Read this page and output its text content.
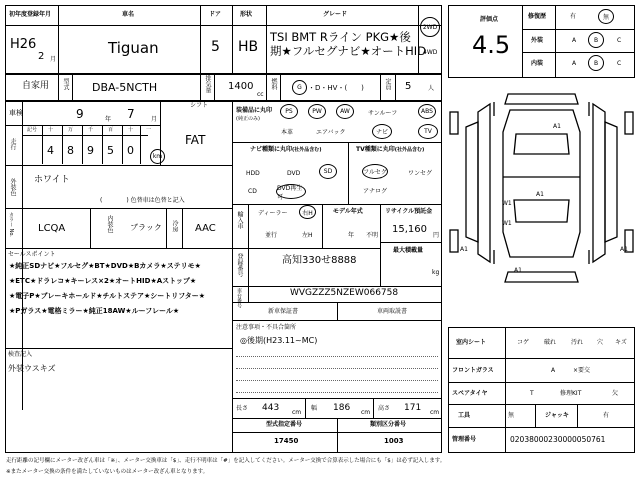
初年度登録年月
H26
2 月
車名
Tiguan
ドア
5
形状
HB
グレード
TSI BMT Rライン PKG★後
期★フルセグナビ★オートHID
2WD
4WD
自家用 型式 DBA-5NCTH	排気量 1400
cc
燃料	G ・D・HV・(　　)	定員 5	人
車検	9	年 7	月
シフト
FAT
走行
記号 十	万	千	百	十	一
4 8 9 5 0	km
外装色 ホワイト
(　　　　) 色替車は色替と記入
カラー No. LCQA	内装色 ブラック 冷房 AAC
セールスポイント
★純正SDナビ★フルセグ★BT★DVD★Bカメラ★ステリモ★
★ETC★ドラレコ★キーレス×2★オートHID★Aストップ★
★電子P★ブレーキホールド★チルトステア★シートリフター★
★Pガラス★電格ミラー★純正18AW★ルーフレール★
検査記入
外装ウスキズ
装備品に丸印
(純正のみ)
PS	PW	AW	サンルーフ	ABS
本革	エアバック	ナビ	TV
ナビ種類に丸印(社外品含む)
HDD	DVD	SD
CD	DVD再生可
TV種類に丸印(社外品含む)
フルセグ	ワンセグ
アナログ
輸入車	ディーラー	右H
並行	左H
モデル年式
年 不明
リサイクル預託金
15,160
円
最大積載量
kg
登録番号	高知330せ8888
車台番号	WVGZZZ5NZEW066758
新車保証書	車両取説書
注意事項・不具合箇所
◎後期(H23.11~MC)
長さ 443 cm
幅 186 cm
高さ 171 cm
型式指定番号
17450
類別区分番号
1003
評価点
4.5
修復歴	有	無
外装	A	B	C
内装	A	B	C
A1
A1
W1
W1
A1
A1	A1
室内シート	コゲ 破れ 汚れ 穴 キズ
フロントガラス	A	×要交
スペアタイヤ	T	修理KIT	欠
工具	無	ジャッキ	有
管理番号	020380002300000507​61
走行距離の記号欄にメーター改ざん車は「※」、メーター交換車は「$」、走行不明車は「#」を記入してください。メーター交換で合算表示した場合にも「$」は必ず記入します。
※またメーター交換の条件を満たしていないものはメーター改ざん車となります。
